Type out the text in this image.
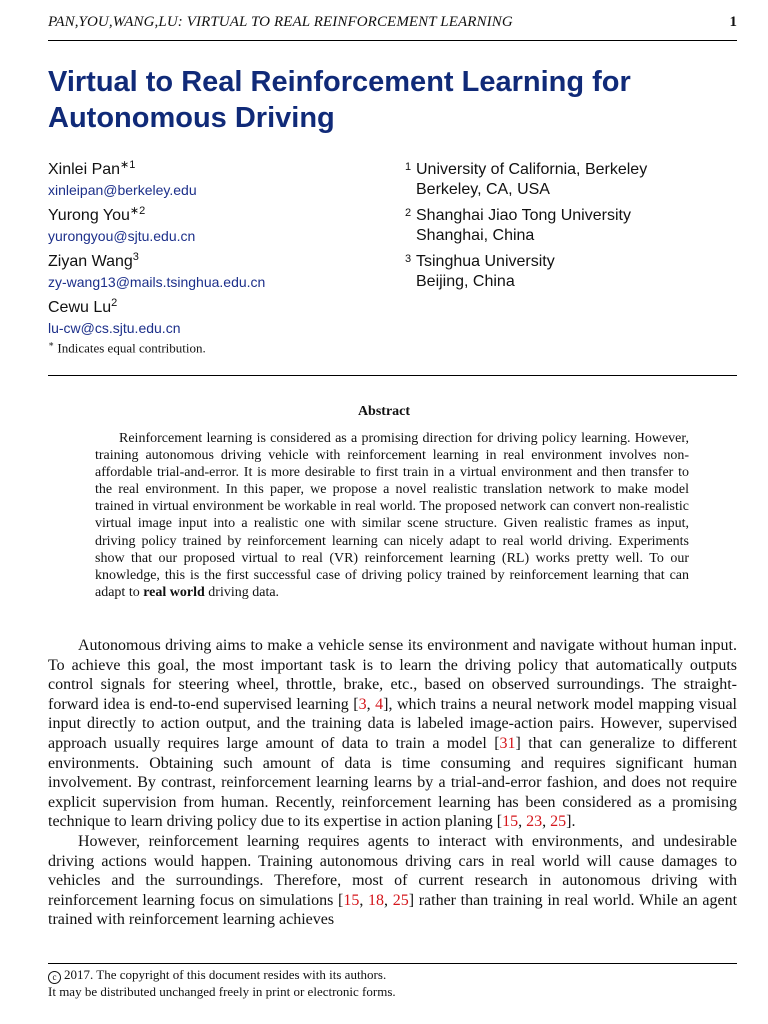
PAN,YOU,WANG,LU: VIRTUAL TO REAL REINFORCEMENT LEARNING	1
Virtual to Real Reinforcement Learning for
Autonomous Driving
Xinlei Pan$^{∗1}$
xinleipan@berkeley.edu
Yurong You$^{∗2}$
yurongyou@sjtu.edu.cn
Ziyan Wang$^3$
zy-wang13@mails.tsinghua.edu.cn
Cewu Lu$^2$
lu-cw@cs.sjtu.edu.cn
∗ Indicates equal contribution.
1 University of California, Berkeley
Berkeley, CA, USA
2 Shanghai Jiao Tong University
Shanghai, China
3 Tsinghua University
Beijing, China
Abstract

Reinforcement learning is considered as a promising direction for driving policy learning. However, training autonomous driving vehicle with reinforcement learning in real environment involves non-affordable trial-and-error. It is more desirable to first train in a virtual environment and then transfer to the real environment. In this paper, we propose a novel realistic translation network to make model trained in virtual environment be workable in real world. The proposed network can convert non-realistic virtual image input into a realistic one with similar scene structure. Given realistic frames as input, driving policy trained by reinforcement learning can nicely adapt to real world driving. Experiments show that our proposed virtual to real (VR) reinforcement learning (RL) works pretty well. To our knowledge, this is the first successful case of driving policy trained by reinforcement learning that can adapt to real world driving data.

Autonomous driving aims to make a vehicle sense its environment and navigate without human input. To achieve this goal, the most important task is to learn the driving policy that automatically outputs control signals for steering wheel, throttle, brake, etc., based on observed surroundings. The straight-forward idea is end-to-end supervised learning [3, 4], which trains a neural network model mapping visual input directly to action output, and the training data is labeled image-action pairs. However, supervised approach usually requires large amount of data to train a model [31] that can generalize to different environments. Obtaining such amount of data is time consuming and requires significant human involvement. By contrast, reinforcement learning learns by a trial-and-error fashion, and does not require explicit supervision from human. Recently, reinforcement learning has been considered as a promising technique to learn driving policy due to its expertise in action planing [15, 23, 25].

However, reinforcement learning requires agents to interact with environments, and undesirable driving actions would happen. Training autonomous driving cars in real world will cause damages to vehicles and the surroundings. Therefore, most of current research in autonomous driving with reinforcement learning focus on simulations [15, 18, 25] rather than training in real world. While an agent trained with reinforcement learning achieves

c 2017. The copyright of this document resides with its authors.
It may be distributed unchanged freely in print or electronic forms.
